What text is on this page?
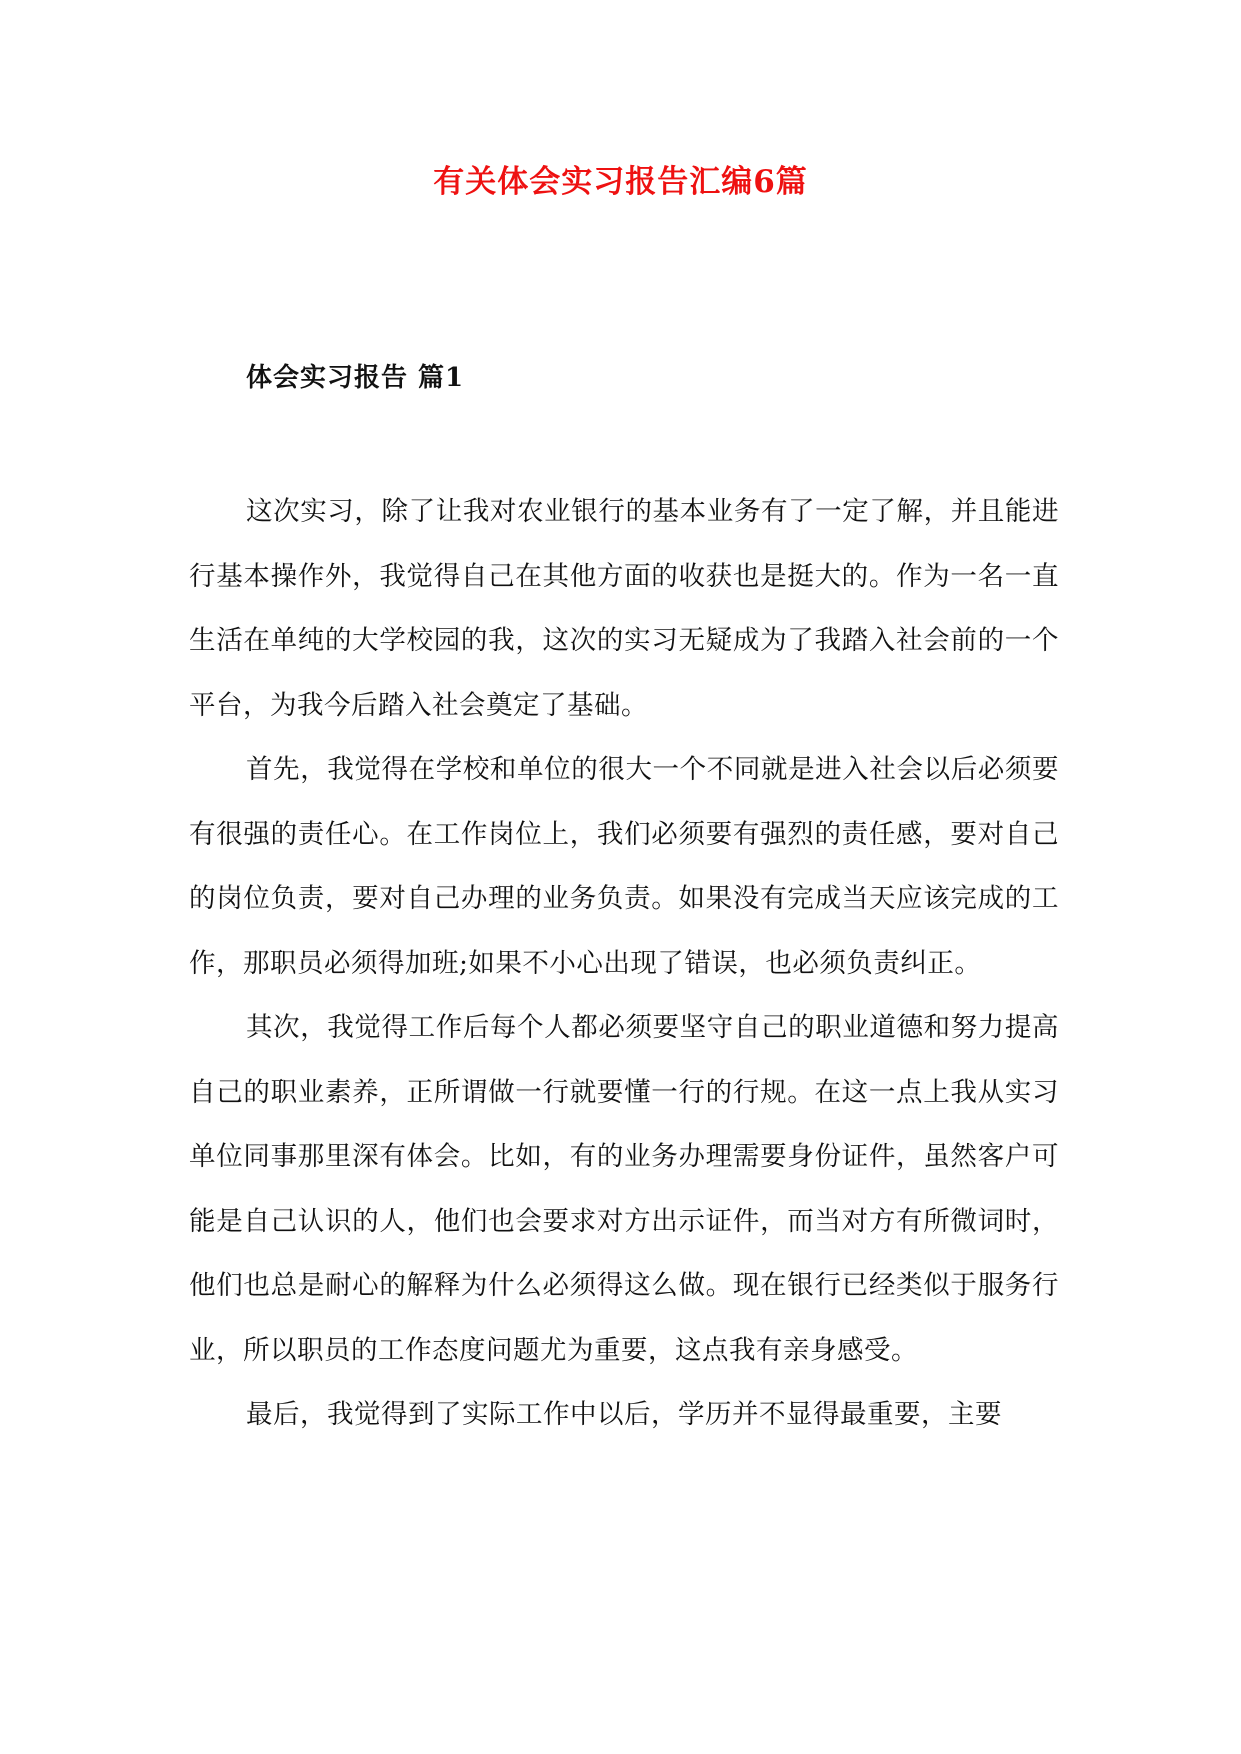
有关体会实习报告汇编6篇
体会实习报告 篇1

这次实习，除了让我对农业银行的基本业务有了一定了解，并且能进行基本操作外，我觉得自己在其他方面的收获也是挺大的。作为一名一直生活在单纯的大学校园的我，这次的实习无疑成为了我踏入社会前的一个平台，为我今后踏入社会奠定了基础。

首先，我觉得在学校和单位的很大一个不同就是进入社会以后必须要有很强的责任心。在工作岗位上，我们必须要有强烈的责任感，要对自己的岗位负责，要对自己办理的业务负责。如果没有完成当天应该完成的工作，那职员必须得加班;如果不小心出现了错误，也必须负责纠正。

其次，我觉得工作后每个人都必须要坚守自己的职业道德和努力提高自己的职业素养，正所谓做一行就要懂一行的行规。在这一点上我从实习单位同事那里深有体会。比如，有的业务办理需要身份证件，虽然客户可能是自己认识的人，他们也会要求对方出示证件，而当对方有所微词时，他们也总是耐心的解释为什么必须得这么做。现在银行已经类似于服务行业，所以职员的工作态度问题尤为重要，这点我有亲身感受。

最后，我觉得到了实际工作中以后，学历并不显得最重要，主要
